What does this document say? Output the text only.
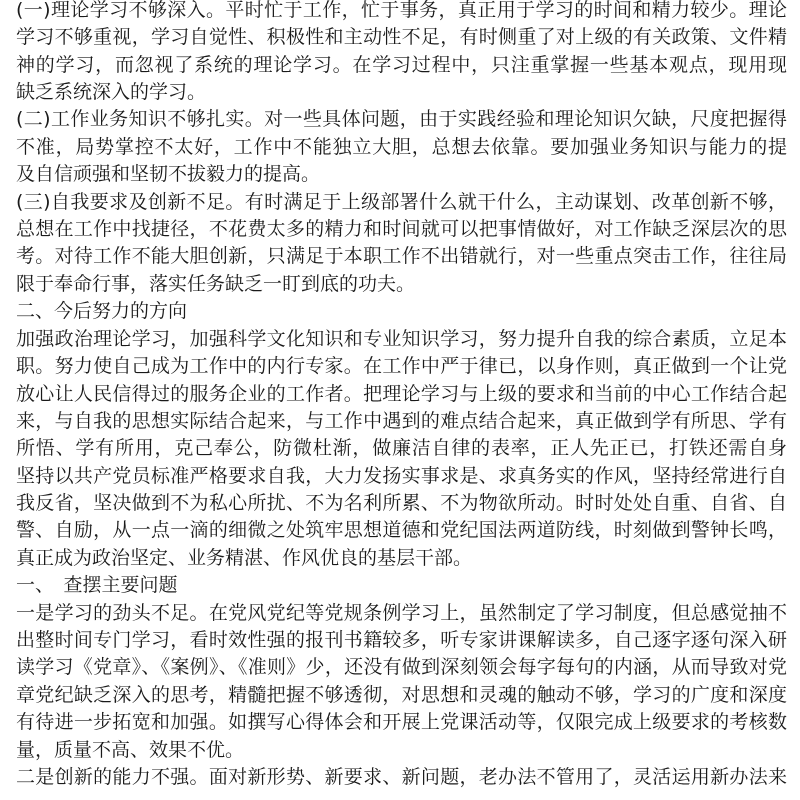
(一)理论学习不够深入。平时忙于工作，忙于事务，真正用于学习的时间和精力较少。理论
学习不够重视，学习自觉性、积极性和主动性不足，有时侧重了对上级的有关政策、文件精
神的学习，而忽视了系统的理论学习。在学习过程中，只注重掌握一些基本观点，现用现
缺乏系统深入的学习。
(二)工作业务知识不够扎实。对一些具体问题，由于实践经验和理论知识欠缺，尺度把握得
不准，局势掌控不太好，工作中不能独立大胆，总想去依靠。要加强业务知识与能力的提
及自信顽强和坚韧不拔毅力的提高。
(三)自我要求及创新不足。有时满足于上级部署什么就干什么，主动谋划、改革创新不够，
总想在工作中找捷径，不花费太多的精力和时间就可以把事情做好，对工作缺乏深层次的思
考。对待工作不能大胆创新，只满足于本职工作不出错就行，对一些重点突击工作，往往局
限于奉命行事，落实任务缺乏一盯到底的功夫。
二、今后努力的方向
加强政治理论学习，加强科学文化知识和专业知识学习，努力提升自我的综合素质，立足本
职。努力使自己成为工作中的内行专家。在工作中严于律已，以身作则，真正做到一个让党
放心让人民信得过的服务企业的工作者。把理论学习与上级的要求和当前的中心工作结合起
来，与自我的思想实际结合起来，与工作中遇到的难点结合起来，真正做到学有所思、学有
所悟、学有所用，克己奉公，防微杜渐，做廉洁自律的表率，正人先正已，打铁还需自身
坚持以共产党员标准严格要求自我，大力发扬实事求是、求真务实的作风，坚持经常进行自
我反省，坚决做到不为私心所扰、不为名利所累、不为物欲所动。时时处处自重、自省、自
警、自励，从一点一滴的细微之处筑牢思想道德和党纪国法两道防线，时刻做到警钟长鸣，
真正成为政治坚定、业务精湛、作风优良的基层干部。
一、　查摆主要问题
一是学习的劲头不足。在党风党纪等党规条例学习上，虽然制定了学习制度，但总感觉抽不
出整时间专门学习，看时效性强的报刊书籍较多，听专家讲课解读多，自己逐字逐句深入研
读学习《党章》、《案例》、《准则》少，还没有做到深刻领会每字每句的内涵，从而导致对党
章党纪缺乏深入的思考，精髓把握不够透彻，对思想和灵魂的触动不够，学习的广度和深度
有待进一步拓宽和加强。如撰写心得体会和开展上党课活动等，仅限完成上级要求的考核数
量，质量不高、效果不优。
二是创新的能力不强。面对新形势、新要求、新问题，老办法不管用了，灵活运用新办法来
